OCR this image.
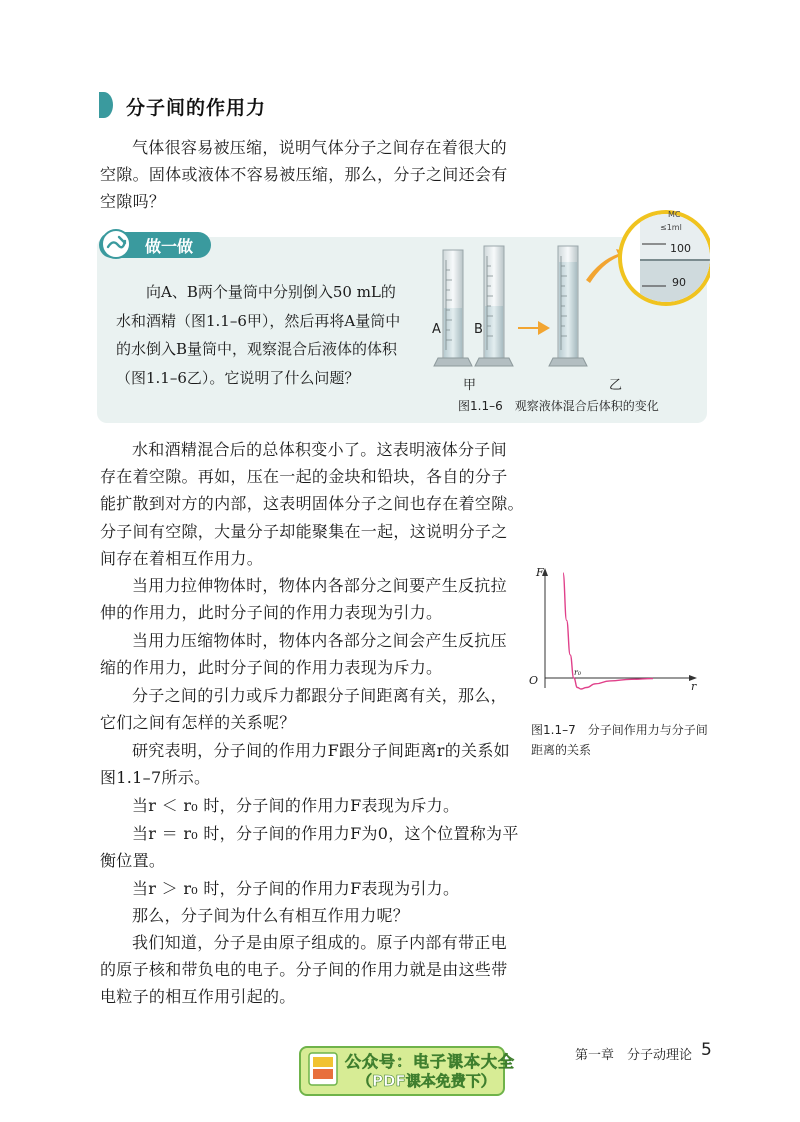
分子间的作用力

气体很容易被压缩，说明气体分子之间存在着很大的
空隙。固体或液体不容易被压缩，那么，分子之间还会有
空隙吗？

做一做

向A、B两个量筒中分别倒入50 mL的
水和酒精（图1.1–6甲），然后再将A量筒中
的水倒入B量筒中，观察混合后液体的体积
（图1.1–6乙）。它说明了什么问题？

MC
≤1ml
100
90
A	B
甲	乙
图1.1–6　观察液体混合后体积的变化

水和酒精混合后的总体积变小了。这表明液体分子间
存在着空隙。再如，压在一起的金块和铅块，各自的分子
能扩散到对方的内部，这表明固体分子之间也存在着空隙。
分子间有空隙，大量分子却能聚集在一起，这说明分子之
间存在着相互作用力。

当用力拉伸物体时，物体内各部分之间要产生反抗拉
伸的作用力，此时分子间的作用力表现为引力。

当用力压缩物体时，物体内各部分之间会产生反抗压
缩的作用力，此时分子间的作用力表现为斥力。

分子之间的引力或斥力都跟分子间距离有关，那么，
它们之间有怎样的关系呢？

研究表明，分子间的作用力F跟分子间距离r的关系如
图1.1–7所示。

当r ＜ r₀ 时，分子间的作用力F表现为斥力。

当r ＝ r₀ 时，分子间的作用力F为0，这个位置称为平
衡位置。

当r ＞ r₀ 时，分子间的作用力F表现为引力。

那么，分子间为什么有相互作用力呢？

我们知道，分子是由原子组成的。原子内部有带正电
的原子核和带负电的电子。分子间的作用力就是由这些带
电粒子的相互作用引起的。

F
r
O
r₀
图1.1–7　分子间作用力与分子间
距离的关系
第一章　分子动理论 5
公众号：电子课本大全
（PDF课本免费下）
